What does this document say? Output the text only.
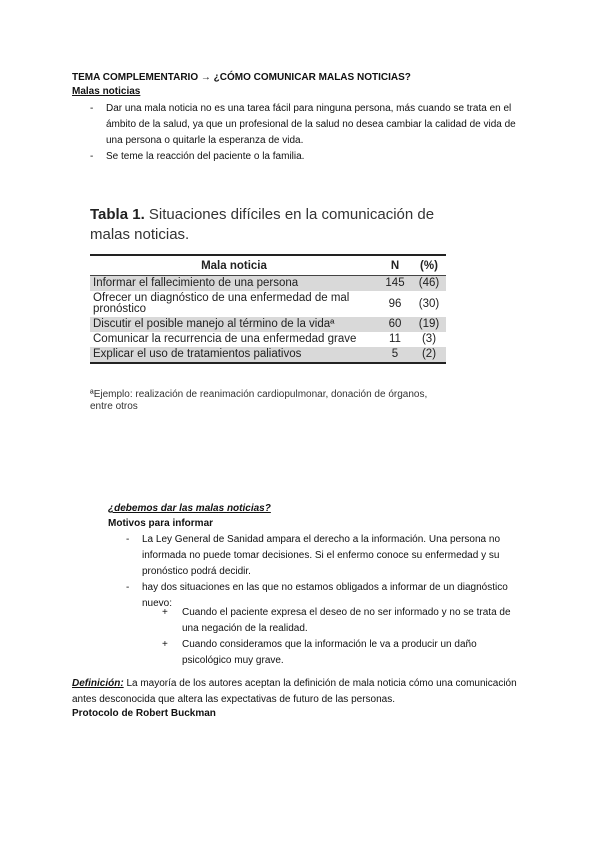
TEMA COMPLEMENTARIO → ¿CÓMO COMUNICAR MALAS NOTICIAS?
Malas noticias
- Dar una mala noticia no es una tarea fácil para ninguna persona, más cuando se trata en el ámbito de la salud, ya que un profesional de la salud no desea cambiar la calidad de vida de una persona o quitarle la esperanza de vida.
- Se teme la reacción del paciente o la familia.
Tabla 1. Situaciones difíciles en la comunicación de malas noticias.
Mala noticia	N	(%)
Informar el fallecimiento de una persona	145	(46)
Ofrecer un diagnóstico de una enfermedad de mal pronóstico	96	(30)
Discutir el posible manejo al término de la vidaª	60	(19)
Comunicar la recurrencia de una enfermedad grave	11	(3)
Explicar el uso de tratamientos paliativos	5	(2)
ªEjemplo: realización de reanimación cardiopulmonar, donación de órganos, entre otros
¿debemos dar las malas noticias?
Motivos para informar
- La Ley General de Sanidad ampara el derecho a la información. Una persona no informada no puede tomar decisiones. Si el enfermo conoce su enfermedad y su pronóstico podrá decidir.
- hay dos situaciones en las que no estamos obligados a informar de un diagnóstico nuevo:
+ Cuando el paciente expresa el deseo de no ser informado y no se trata de una negación de la realidad.
+ Cuando consideramos que la información le va a producir un daño psicológico muy grave.
Definición: La mayoría de los autores aceptan la definición de mala noticia cómo una comunicación antes desconocida que altera las expectativas de futuro de las personas.
Protocolo de Robert Buckman
